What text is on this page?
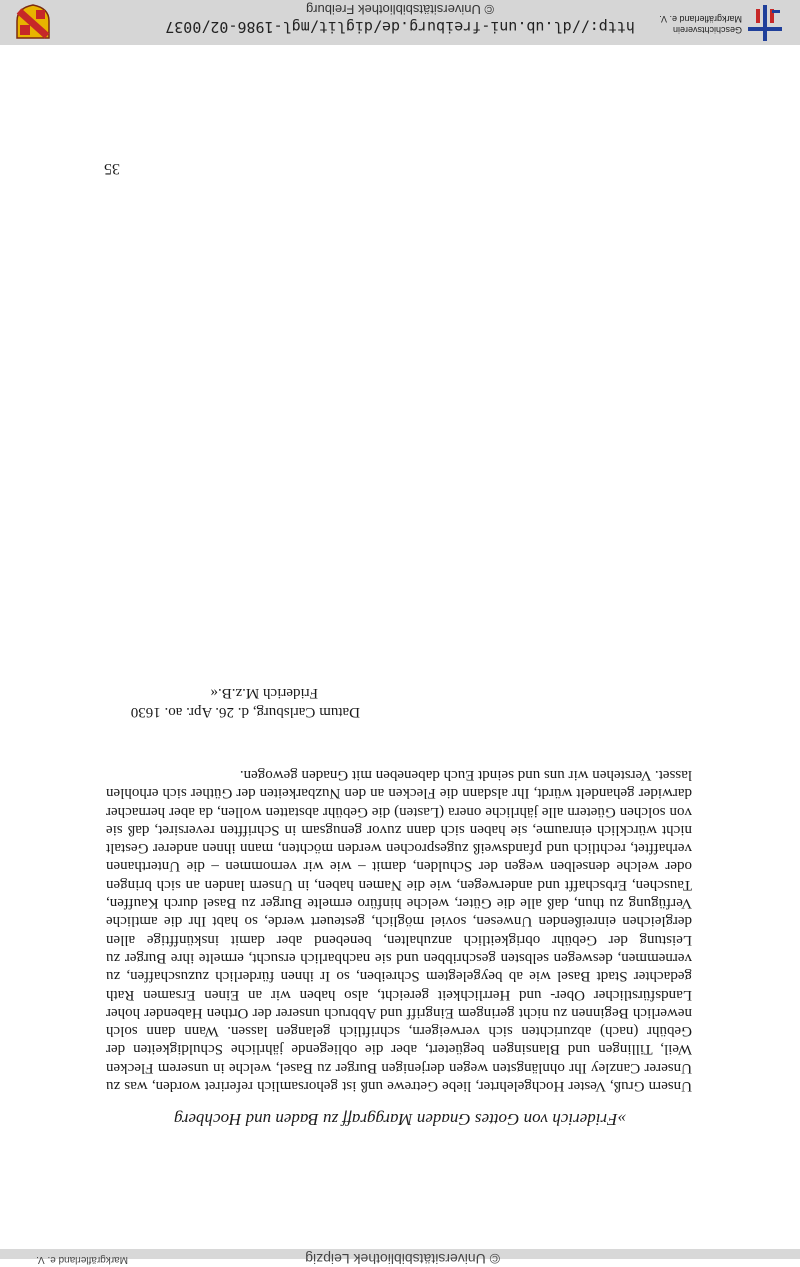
© Universitätsbibliothek Leipzig
Markgräflerland e. V.
»Friderich von Gottes Gnaden Marggraff zu Baden und Hochberg

Unsern Gruß, Vester Hochgelehrter, liebe Getrewe unß ist gehorsamlich referiret worden, was zu Unserer Canzley Ihr ohnlängsten wegen derjenigen Burger zu Basel, welche in unserem Flecken Weil, Tillingen und Blansingen begüetert, aber die obliegende jährliche Schuldigkeiten der Gebühr (nach) abzurichten sich verweigern, schriftlich gelangen lassen. Wann dann solch newerlich Beginnen zu nicht geringem Eingriff und Abbruch unserer der Orthen Habender hoher Landsfürstlicher Ober- und Herrlichkeit gereicht, also haben wir an Einen Ersamen Rath gedachter Stadt Basel wie ab beygelegtem Schreiben, so Ir ihnen fürderlich zuzuschaffen, zu vernemmen, deswegen selbsten geschribben und sie nachbarlich ersucht, ermelte ihre Burger zu Leistung der Gebühr obrigkeitlich anzuhalten, benebend aber damit inskünfftige allen dergleichen einreißenden Unwesen, soviel möglich, gesteuert werde, so habt Ihr die amtliche Verfügung zu thun, daß alle die Güter, welche hinfüro ermelte Burger zu Basel durch Kauffen, Tauschen, Erbschafft und anderwegen, wie die Namen haben, in Unsern landen an sich bringen oder welche denselben wegen der Schulden, damit – wie wir vernommen – die Unterthanen verhafftet, rechtlich und pfandsweiß zugesprochen werden möchten, mann ihnen anderer Gestalt nicht würcklich einraume, sie haben sich dann zuvor genugsam in Schrifften reversiret, daß sie von solchen Güetern alle jährliche onera (Lasten) die Gebühr abstatten wollen, da aber hernacher darwider gehandelt würdt, Ihr alsdann die Flecken an den Nuzbarkeiten der Güther sich erhohlen lasset. Verstehen wir uns und seindt Euch dabeneben mit Gnaden gewogen.

Datum Carlsburg, d. 26. Apr. ao. 1630
Friderich M.z.B.«
35
http://dl.ub.uni-freiburg.de/diglit/mgl-1986-02/0037
© Universitätsbibliothek Freiburg
Geschichtsverein
Markgräflerland e. V.
